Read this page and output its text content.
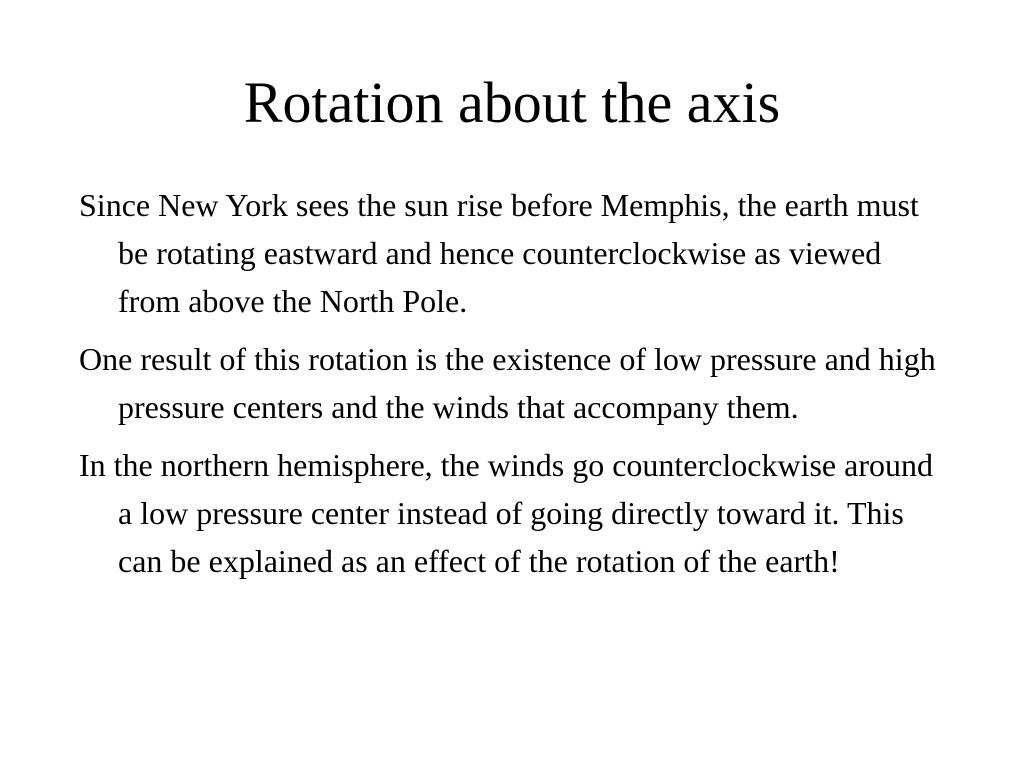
Rotation about the axis
Since New York sees the sun rise before Memphis, the earth must be rotating eastward and hence counterclockwise as viewed from above the North Pole.
One result of this rotation is the existence of low pressure and high pressure centers and the winds that accompany them.
In the northern hemisphere, the winds go counterclockwise around a low pressure center instead of going directly toward it. This can be explained as an effect of the rotation of the earth!
